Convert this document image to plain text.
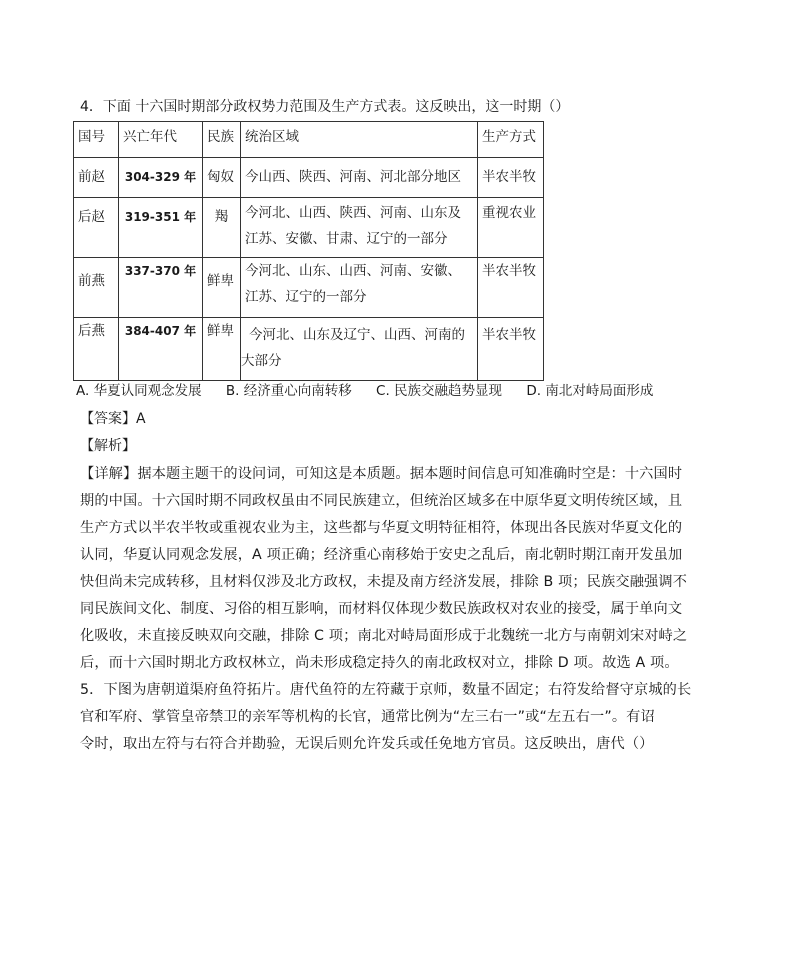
4．下面 十六国时期部分政权势力范围及生产方式表。这反映出，这一时期（）
国号	兴亡年代	民族	统治区域	生产方式
前赵	304-329 年	匈奴	今山西、陕西、河南、河北部分地区	半农半牧
后赵	319-351 年	羯	今河北、山西、陕西、河南、山东及
江苏、安徽、甘肃、辽宁的一部分	重视农业
前燕	337-370 年	鲜卑	今河北、山东、山西、河南、安徽、
江苏、辽宁的一部分	半农半牧
后燕	384-407 年	鲜卑	今河北、山东及辽宁、山西、河南的
大部分	半农半牧
A. 华夏认同观念发展 B. 经济重心向南转移 C. 民族交融趋势显现 D. 南北对峙局面形成
【答案】A
【解析】
【详解】据本题主题干的设问词，可知这是本质题。据本题时间信息可知准确时空是：十六国时
期的中国。十六国时期不同政权虽由不同民族建立，但统治区域多在中原华夏文明传统区域，且
生产方式以半农半牧或重视农业为主，这些都与华夏文明特征相符，体现出各民族对华夏文化的
认同，华夏认同观念发展，A 项正确；经济重心南移始于安史之乱后，南北朝时期江南开发虽加
快但尚未完成转移，且材料仅涉及北方政权，未提及南方经济发展，排除 B 项；民族交融强调不
同民族间文化、制度、习俗的相互影响，而材料仅体现少数民族政权对农业的接受，属于单向文
化吸收，未直接反映双向交融，排除 C 项；南北对峙局面形成于北魏统一北方与南朝刘宋对峙之
后，而十六国时期北方政权林立，尚未形成稳定持久的南北政权对立，排除 D 项。故选 A 项。
5．下图为唐朝道渠府鱼符拓片。唐代鱼符的左符藏于京师，数量不固定；右符发给督守京城的长
官和军府、掌管皇帝禁卫的亲军等机构的长官，通常比例为“左三右一”或“左五右一”。有诏
令时，取出左符与右符合并勘验，无误后则允许发兵或任免地方官员。这反映出，唐代（）
